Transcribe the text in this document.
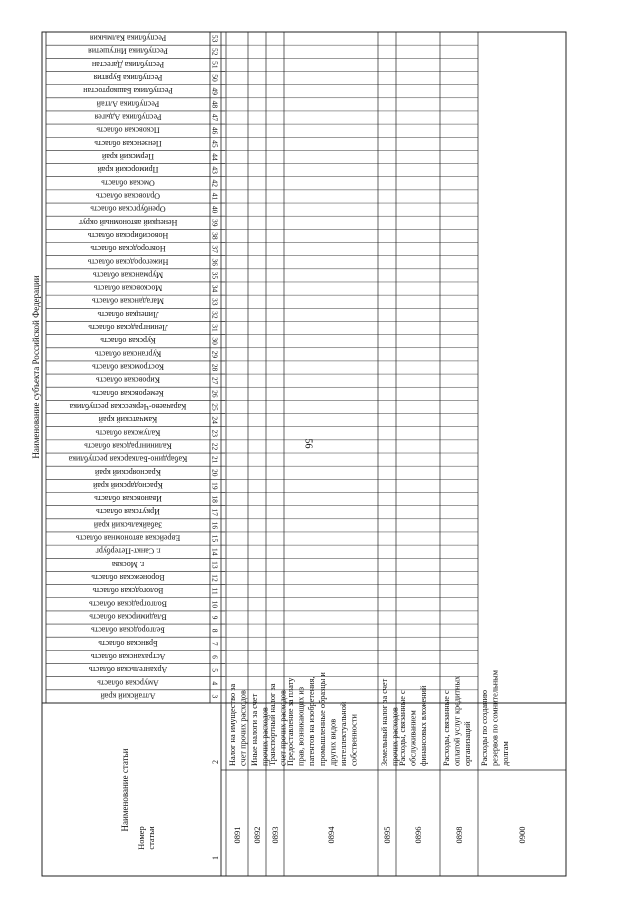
56
Алтайский край	3
Амурская область	4
Архангельская область	5
Астраханская область	6
Брянская область	7
Белгородская область	8
Владимирская область	9
Волгоградская область	10
Вологодская область	11
Воронежская область	12
г. Москва	13
г. Санкт-Петербург	14
Еврейская автономная область	15
Забайкальский край	16
Иркутская область	17
Ивановская область	18
Краснодарский край	19
Красноярский край	20
Кабардино-Балкарская республика	21
Калининградская область	22
Калужская область	23
Камчатский край	24
Карачаево-Черкесская республика	25
Кемеровская область	26
Кировская область	27
Костромская область	28
Курганская область	29
Курская область	30
Ленинградская область	31
Липецкая область	32
Магаданская область	33
Московская область	34
Мурманская область	35
Нижегородская область	36
Новгородская область	37
Новосибирская область	38
Ненецкий автономный округ	39
Оренбургская область	40
Орловская область	41
Омская область	42
Приморский край	43
Пермский край	44
Пензенская область	45
Псковская область	46
Республика Адыгея	47
Республика Алтай	48
Республика Башкортостан	49
Республика Бурятия	50
Республика Дагестан	51
Республика Ингушетия	52
Республика Калмыкия	53
Наименование субъекта Российской Федерации
Номерстатьи
Наименование статьи
1
2
0891
Налог на имущество за счет прочих расходов
0892
Иные налоги за счет прочих расходов
0893
Транспортный налог за счет прочих расходов
0894
Предоставление за плату прав, возникающих из патентов на изобретения, промышленные образцы и других видов интеллектуальной собственности
0895
Земельный налог за счет прочих расходов
0896
Расходы, связанные с обслуживанием финансовых вложений
0898
Расходы, связанные с оплатой услуг кредитных организаций
0900
Расходы по созданию резервов по сомнительным долгам
